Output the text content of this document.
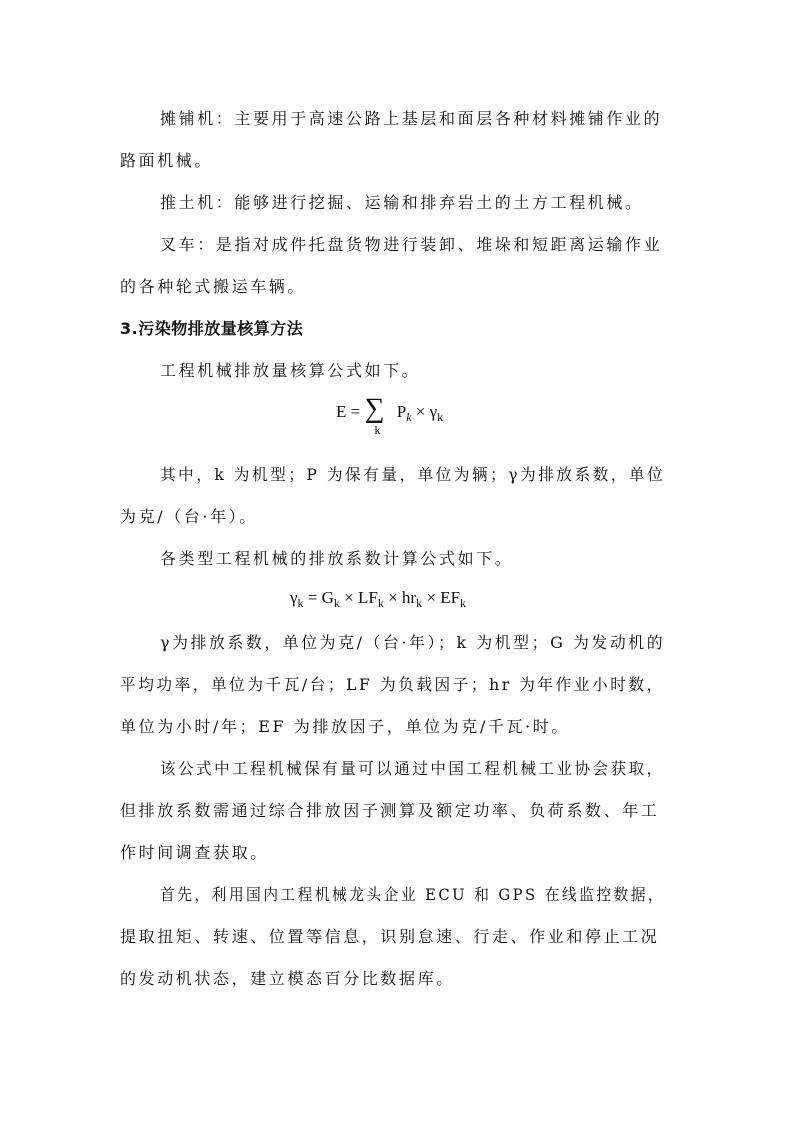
摊铺机：主要用于高速公路上基层和面层各种材料摊铺作业的
路面机械。
推土机：能够进行挖掘、运输和排弃岩土的土方工程机械。
叉车：是指对成件托盘货物进行装卸、堆垛和短距离运输作业
的各种轮式搬运车辆。
3.污染物排放量核算方法
工程机械排放量核算公式如下。
E = ∑
k
$P_k \times \gamma_k$
其中，k 为机型；P 为保有量，单位为辆；γ为排放系数，单位
为克/（台·年）。
各类型工程机械的排放系数计算公式如下。
$\gamma_k = G_k \times LF_k \times hr_k \times EF_k$
γ为排放系数，单位为克/（台·年）；k 为机型；G 为发动机的
平均功率，单位为千瓦/台；LF 为负载因子；hr 为年作业小时数，
单位为小时/年；EF 为排放因子，单位为克/千瓦·时。
该公式中工程机械保有量可以通过中国工程机械工业协会获取，
但排放系数需通过综合排放因子测算及额定功率、负荷系数、年工
作时间调查获取。
首先，利用国内工程机械龙头企业 ECU 和 GPS 在线监控数据，
提取扭矩、转速、位置等信息，识别怠速、行走、作业和停止工况
的发动机状态，建立模态百分比数据库。
